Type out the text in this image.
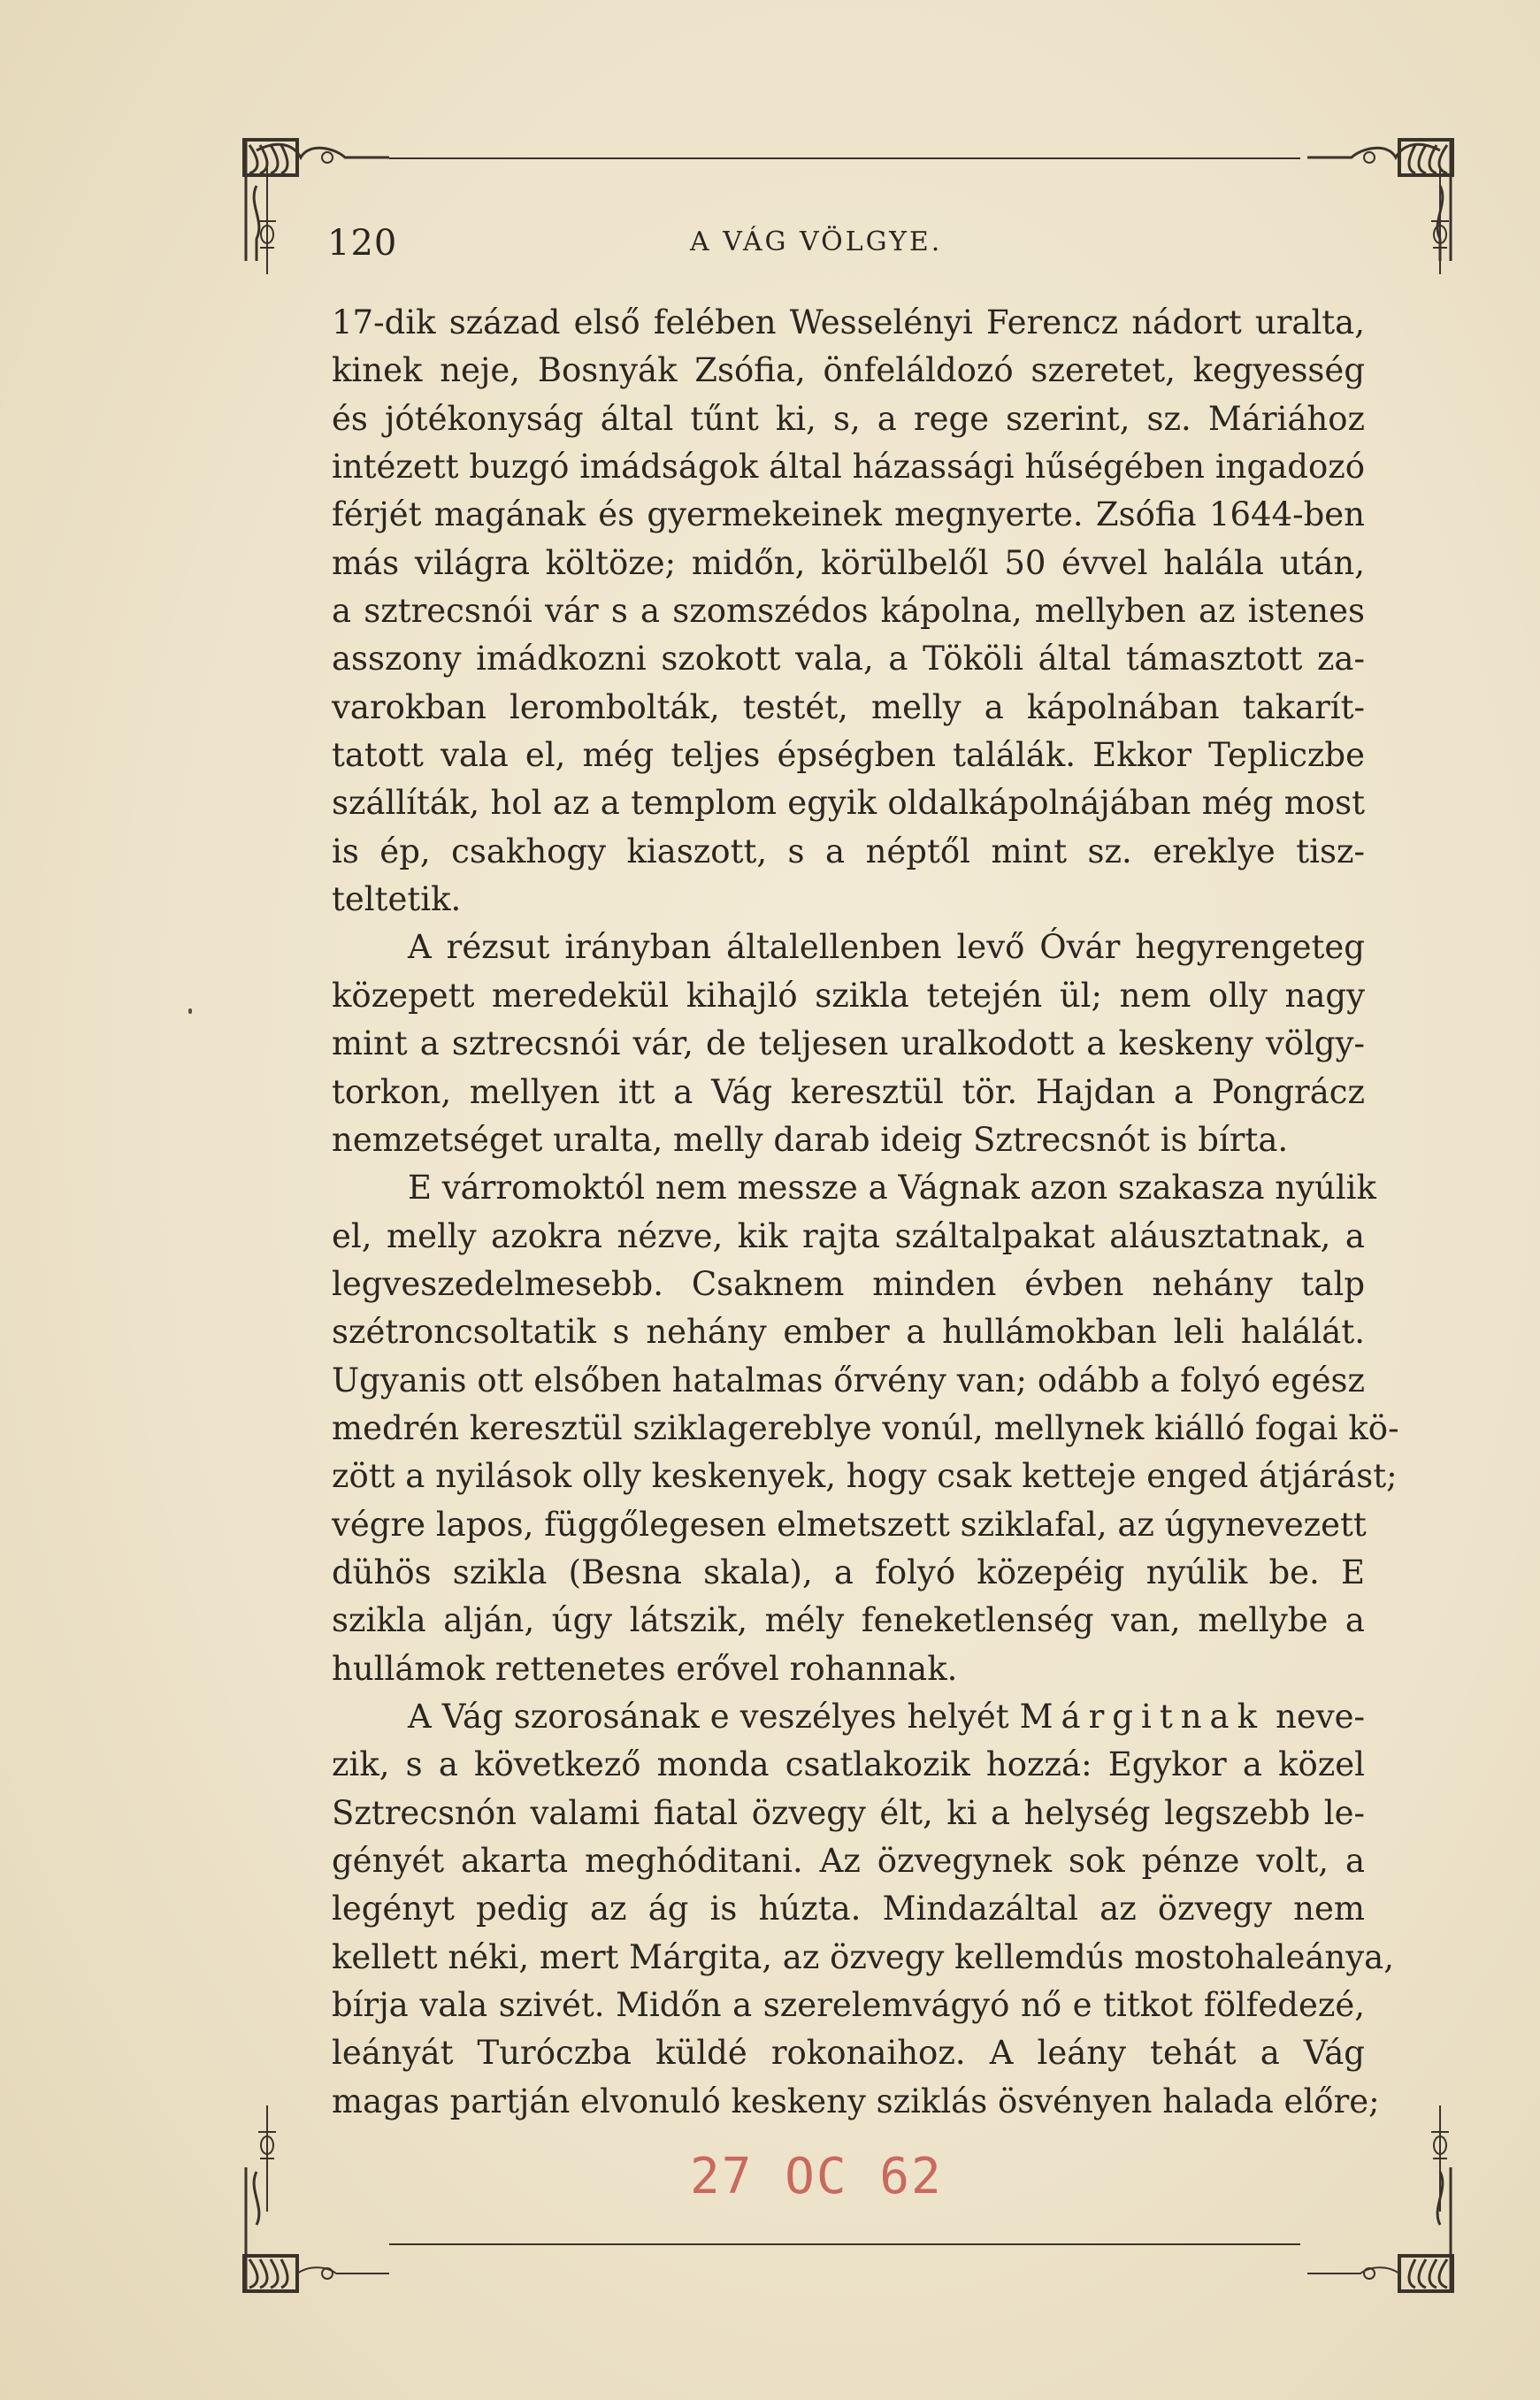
120	A VÁG VÖLGYE.
17-dik század első felében Wesselényi Ferencz nádort uralta,
kinek neje, Bosnyák Zsófia, önfeláldozó szeretet, kegyesség
és jótékonyság által tűnt ki, s, a rege szerint, sz. Máriához
intézett buzgó imádságok által házassági hűségében ingadozó
férjét magának és gyermekeinek megnyerte. Zsófia 1644-ben
más világra költöze; midőn, körülbelől 50 évvel halála után,
a sztrecsnói vár s a szomszédos kápolna, mellyben az istenes
asszony imádkozni szokott vala, a Tököli által támasztott za-
varokban lerombolták, testét, melly a kápolnában takarít-
tatott vala el, még teljes épségben találák. Ekkor Tepliczbe
szállíták, hol az a templom egyik oldalkápolnájában még most
is ép, csakhogy kiaszott, s a néptől mint sz. ereklye tisz-
teltetik.
A rézsut irányban általellenben levő Óvár hegyrengeteg
közepett meredekül kihajló szikla tetején ül; nem olly nagy
mint a sztrecsnói vár, de teljesen uralkodott a keskeny völgy-
torkon, mellyen itt a Vág keresztül tör. Hajdan a Pongrácz
nemzetséget uralta, melly darab ideig Sztrecsnót is bírta.
E várromoktól nem messze a Vágnak azon szakasza nyúlik
el, melly azokra nézve, kik rajta száltalpakat aláusztatnak, a
legveszedelmesebb. Csaknem minden évben nehány talp
szétroncsoltatik s nehány ember a hullámokban leli halálát.
Ugyanis ott elsőben hatalmas őrvény van; odább a folyó egész
medrén keresztül sziklagereblye vonúl, mellynek kiálló fogai kö-
zött a nyilások olly keskenyek, hogy csak ketteje enged átjárást;
végre lapos, függőlegesen elmetszett sziklafal, az úgynevezett
dühös szikla (Besna skala), a folyó közepéig nyúlik be. E
szikla alján, úgy látszik, mély feneketlenség van, mellybe a
hullámok rettenetes erővel rohannak.
A Vág szorosának e veszélyes helyét Márgitnak neve-
zik, s a következő monda csatlakozik hozzá: Egykor a közel
Sztrecsnón valami fiatal özvegy élt, ki a helység legszebb le-
gényét akarta meghóditani. Az özvegynek sok pénze volt, a
legényt pedig az ág is húzta. Mindazáltal az özvegy nem
kellett néki, mert Márgita, az özvegy kellemdús mostohaleánya,
bírja vala szivét. Midőn a szerelemvágyó nő e titkot fölfedezé,
leányát Turóczba küldé rokonaihoz. A leány tehát a Vág
magas partján elvonuló keskeny sziklás ösvényen halada előre;
27 OC 62
